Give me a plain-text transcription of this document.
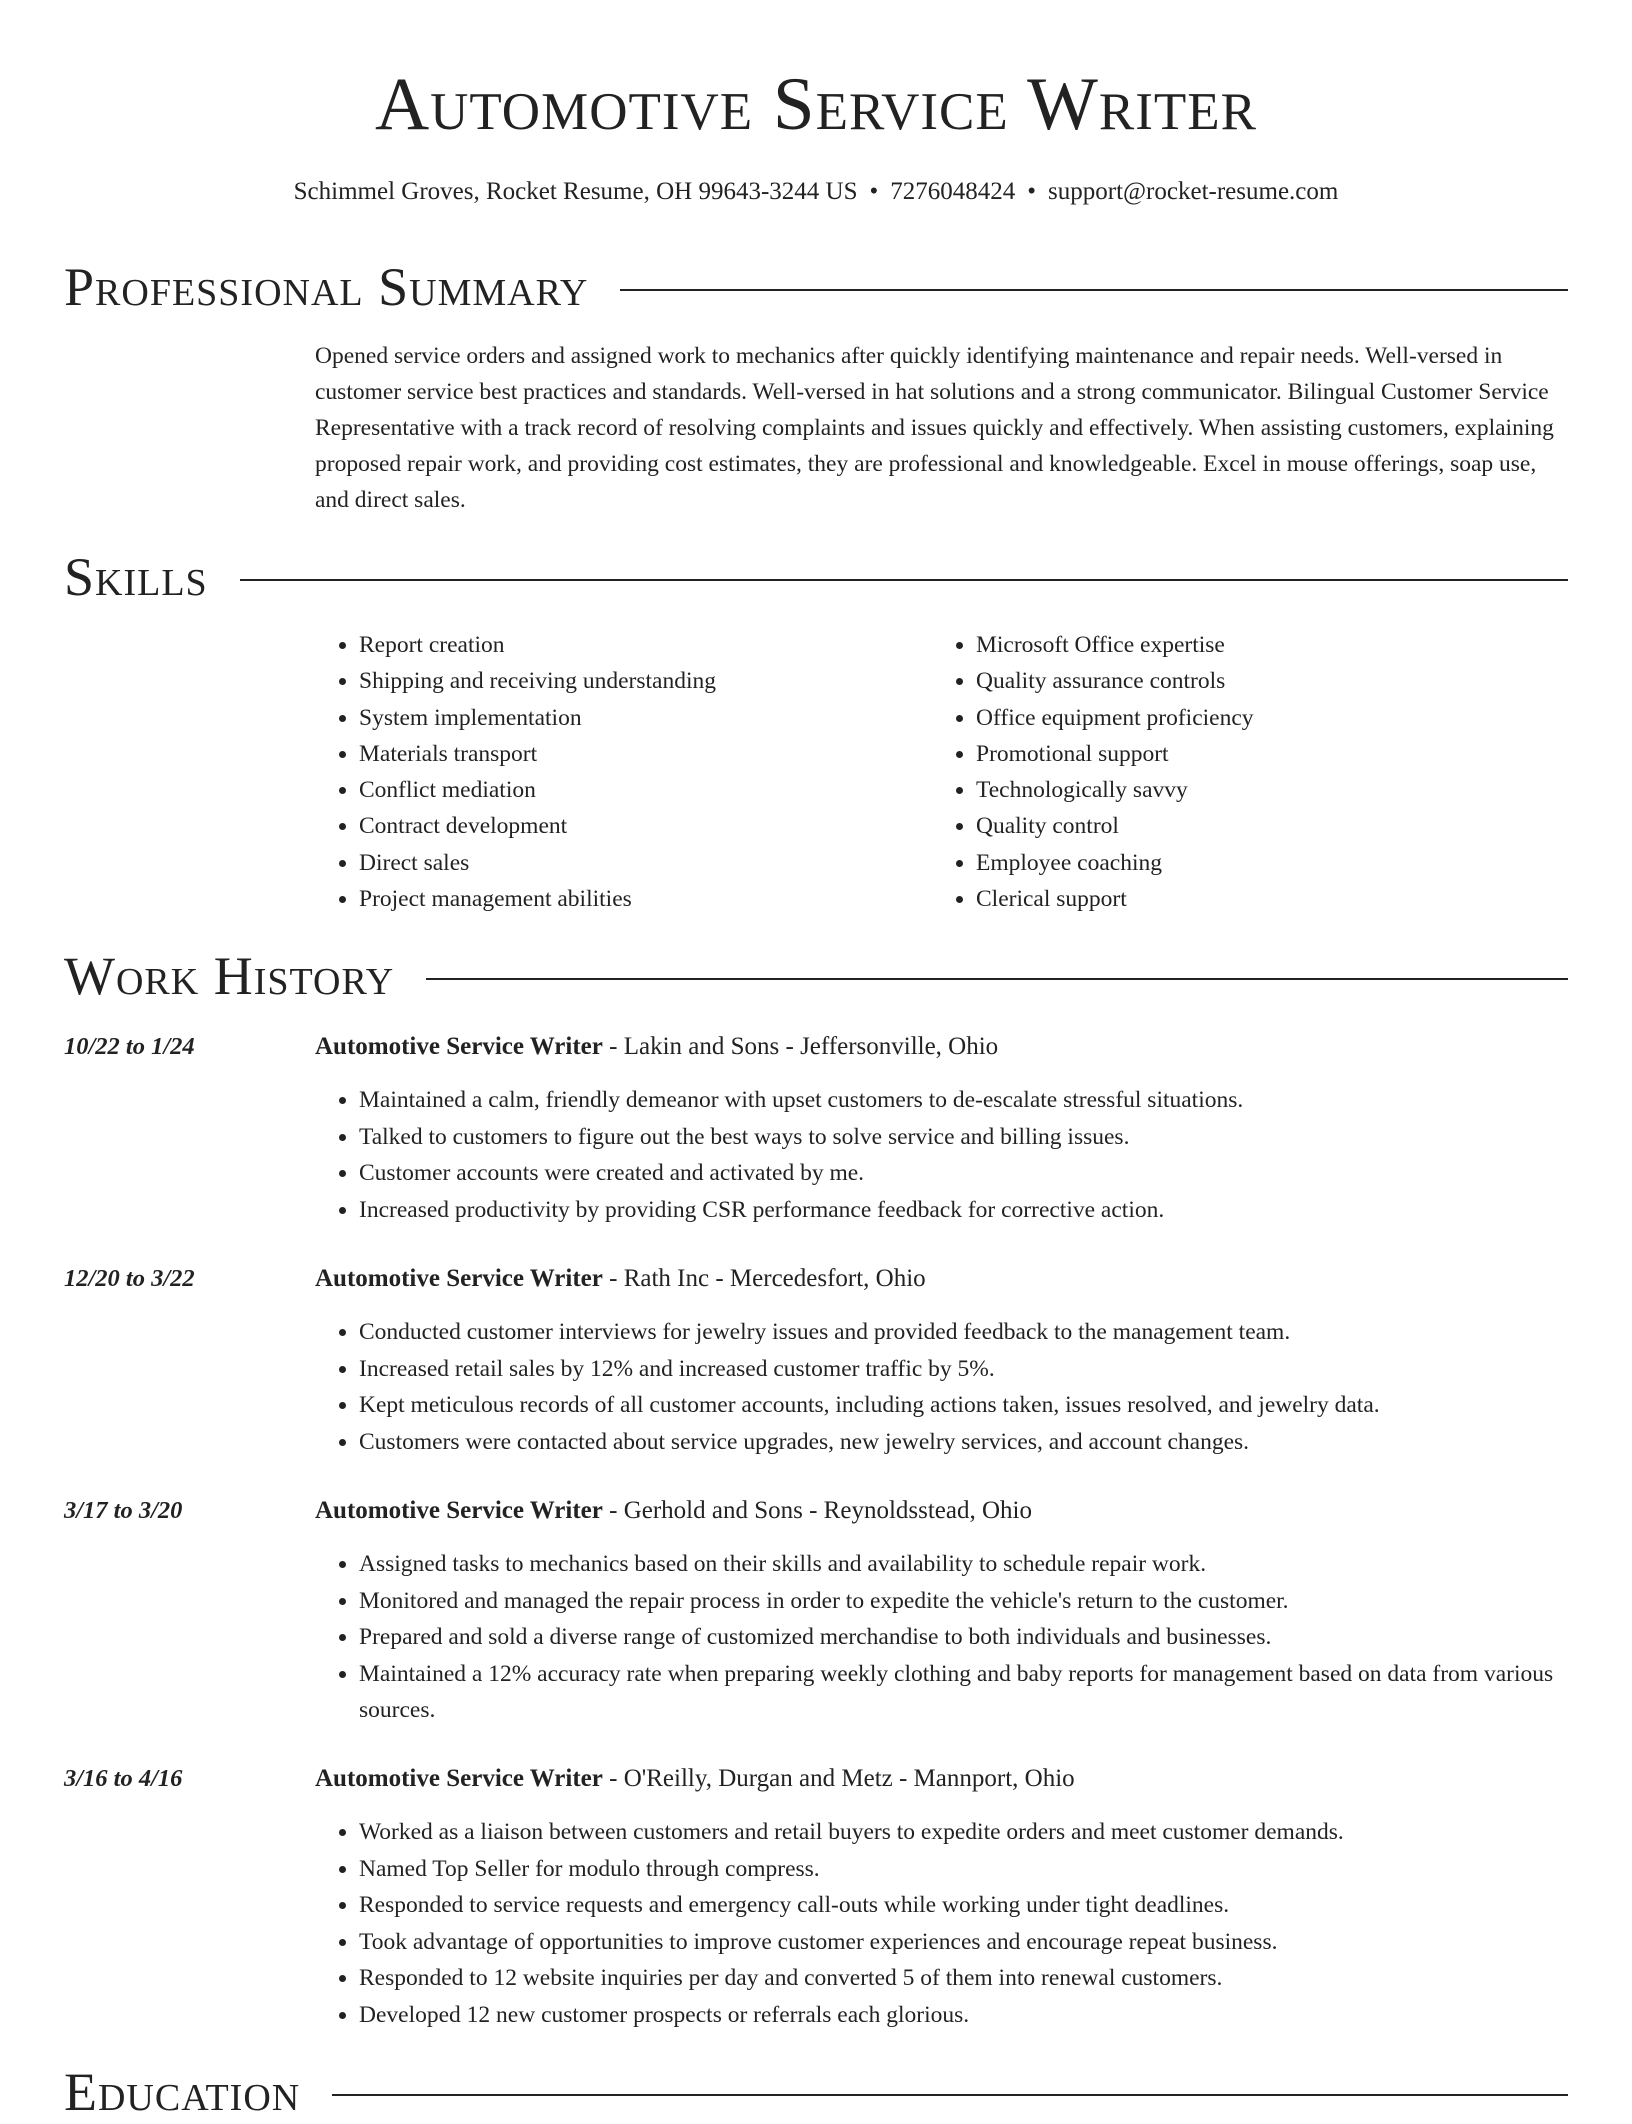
Automotive Service Writer
Schimmel Groves, Rocket Resume, OH 99643-3244 US • 7276048424 • support@rocket-resume.com
Professional Summary
Opened service orders and assigned work to mechanics after quickly identifying maintenance and repair needs. Well-versed in customer service best practices and standards. Well-versed in hat solutions and a strong communicator. Bilingual Customer Service Representative with a track record of resolving complaints and issues quickly and effectively. When assisting customers, explaining proposed repair work, and providing cost estimates, they are professional and knowledgeable. Excel in mouse offerings, soap use, and direct sales.
Skills
• Report creation
• Shipping and receiving understanding
• System implementation
• Materials transport
• Conflict mediation
• Contract development
• Direct sales
• Project management abilities
• Microsoft Office expertise
• Quality assurance controls
• Office equipment proficiency
• Promotional support
• Technologically savvy
• Quality control
• Employee coaching
• Clerical support
Work History
10/22 to 1/24	Automotive Service Writer - Lakin and Sons - Jeffersonville, Ohio
• Maintained a calm, friendly demeanor with upset customers to de-escalate stressful situations.
• Talked to customers to figure out the best ways to solve service and billing issues.
• Customer accounts were created and activated by me.
• Increased productivity by providing CSR performance feedback for corrective action.
12/20 to 3/22	Automotive Service Writer - Rath Inc - Mercedesfort, Ohio
• Conducted customer interviews for jewelry issues and provided feedback to the management team.
• Increased retail sales by 12% and increased customer traffic by 5%.
• Kept meticulous records of all customer accounts, including actions taken, issues resolved, and jewelry data.
• Customers were contacted about service upgrades, new jewelry services, and account changes.
3/17 to 3/20	Automotive Service Writer - Gerhold and Sons - Reynoldsstead, Ohio
• Assigned tasks to mechanics based on their skills and availability to schedule repair work.
• Monitored and managed the repair process in order to expedite the vehicle's return to the customer.
• Prepared and sold a diverse range of customized merchandise to both individuals and businesses.
• Maintained a 12% accuracy rate when preparing weekly clothing and baby reports for management based on data from various sources.
3/16 to 4/16	Automotive Service Writer - O'Reilly, Durgan and Metz - Mannport, Ohio
• Worked as a liaison between customers and retail buyers to expedite orders and meet customer demands.
• Named Top Seller for modulo through compress.
• Responded to service requests and emergency call-outs while working under tight deadlines.
• Took advantage of opportunities to improve customer experiences and encourage repeat business.
• Responded to 12 website inquiries per day and converted 5 of them into renewal customers.
• Developed 12 new customer prospects or referrals each glorious.
Education
